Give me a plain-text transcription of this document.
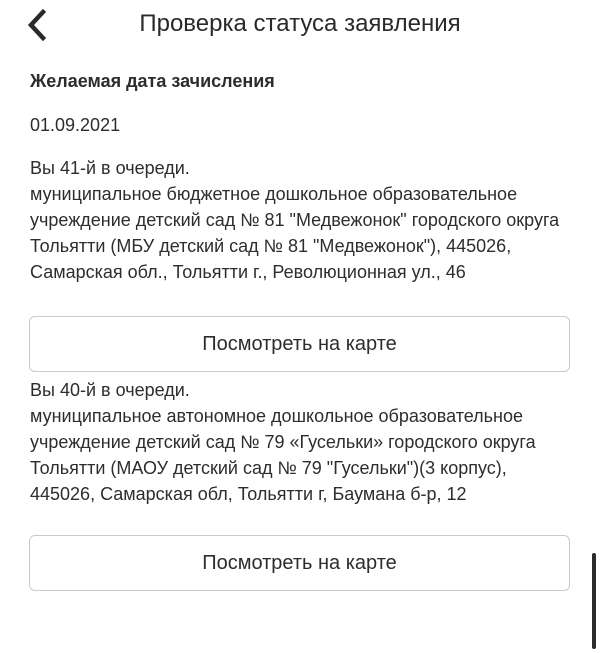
Проверка статуса заявления
Желаемая дата зачисления
01.09.2021
Вы 41-й в очереди.
муниципальное бюджетное дошкольное образовательное учреждение детский сад № 81 "Медвежонок" городского округа Тольятти (МБУ детский сад № 81 "Медвежонок"), 445026, Самарская обл., Тольятти г., Революционная ул., 46
Посмотреть на карте
Вы 40-й в очереди.
муниципальное автономное дошкольное образовательное учреждение детский сад № 79 «Гусельки» городского округа Тольятти (МАОУ детский сад № 79 "Гусельки")(3 корпус), 445026, Самарская обл, Тольятти г, Баумана б-р, 12
Посмотреть на карте
